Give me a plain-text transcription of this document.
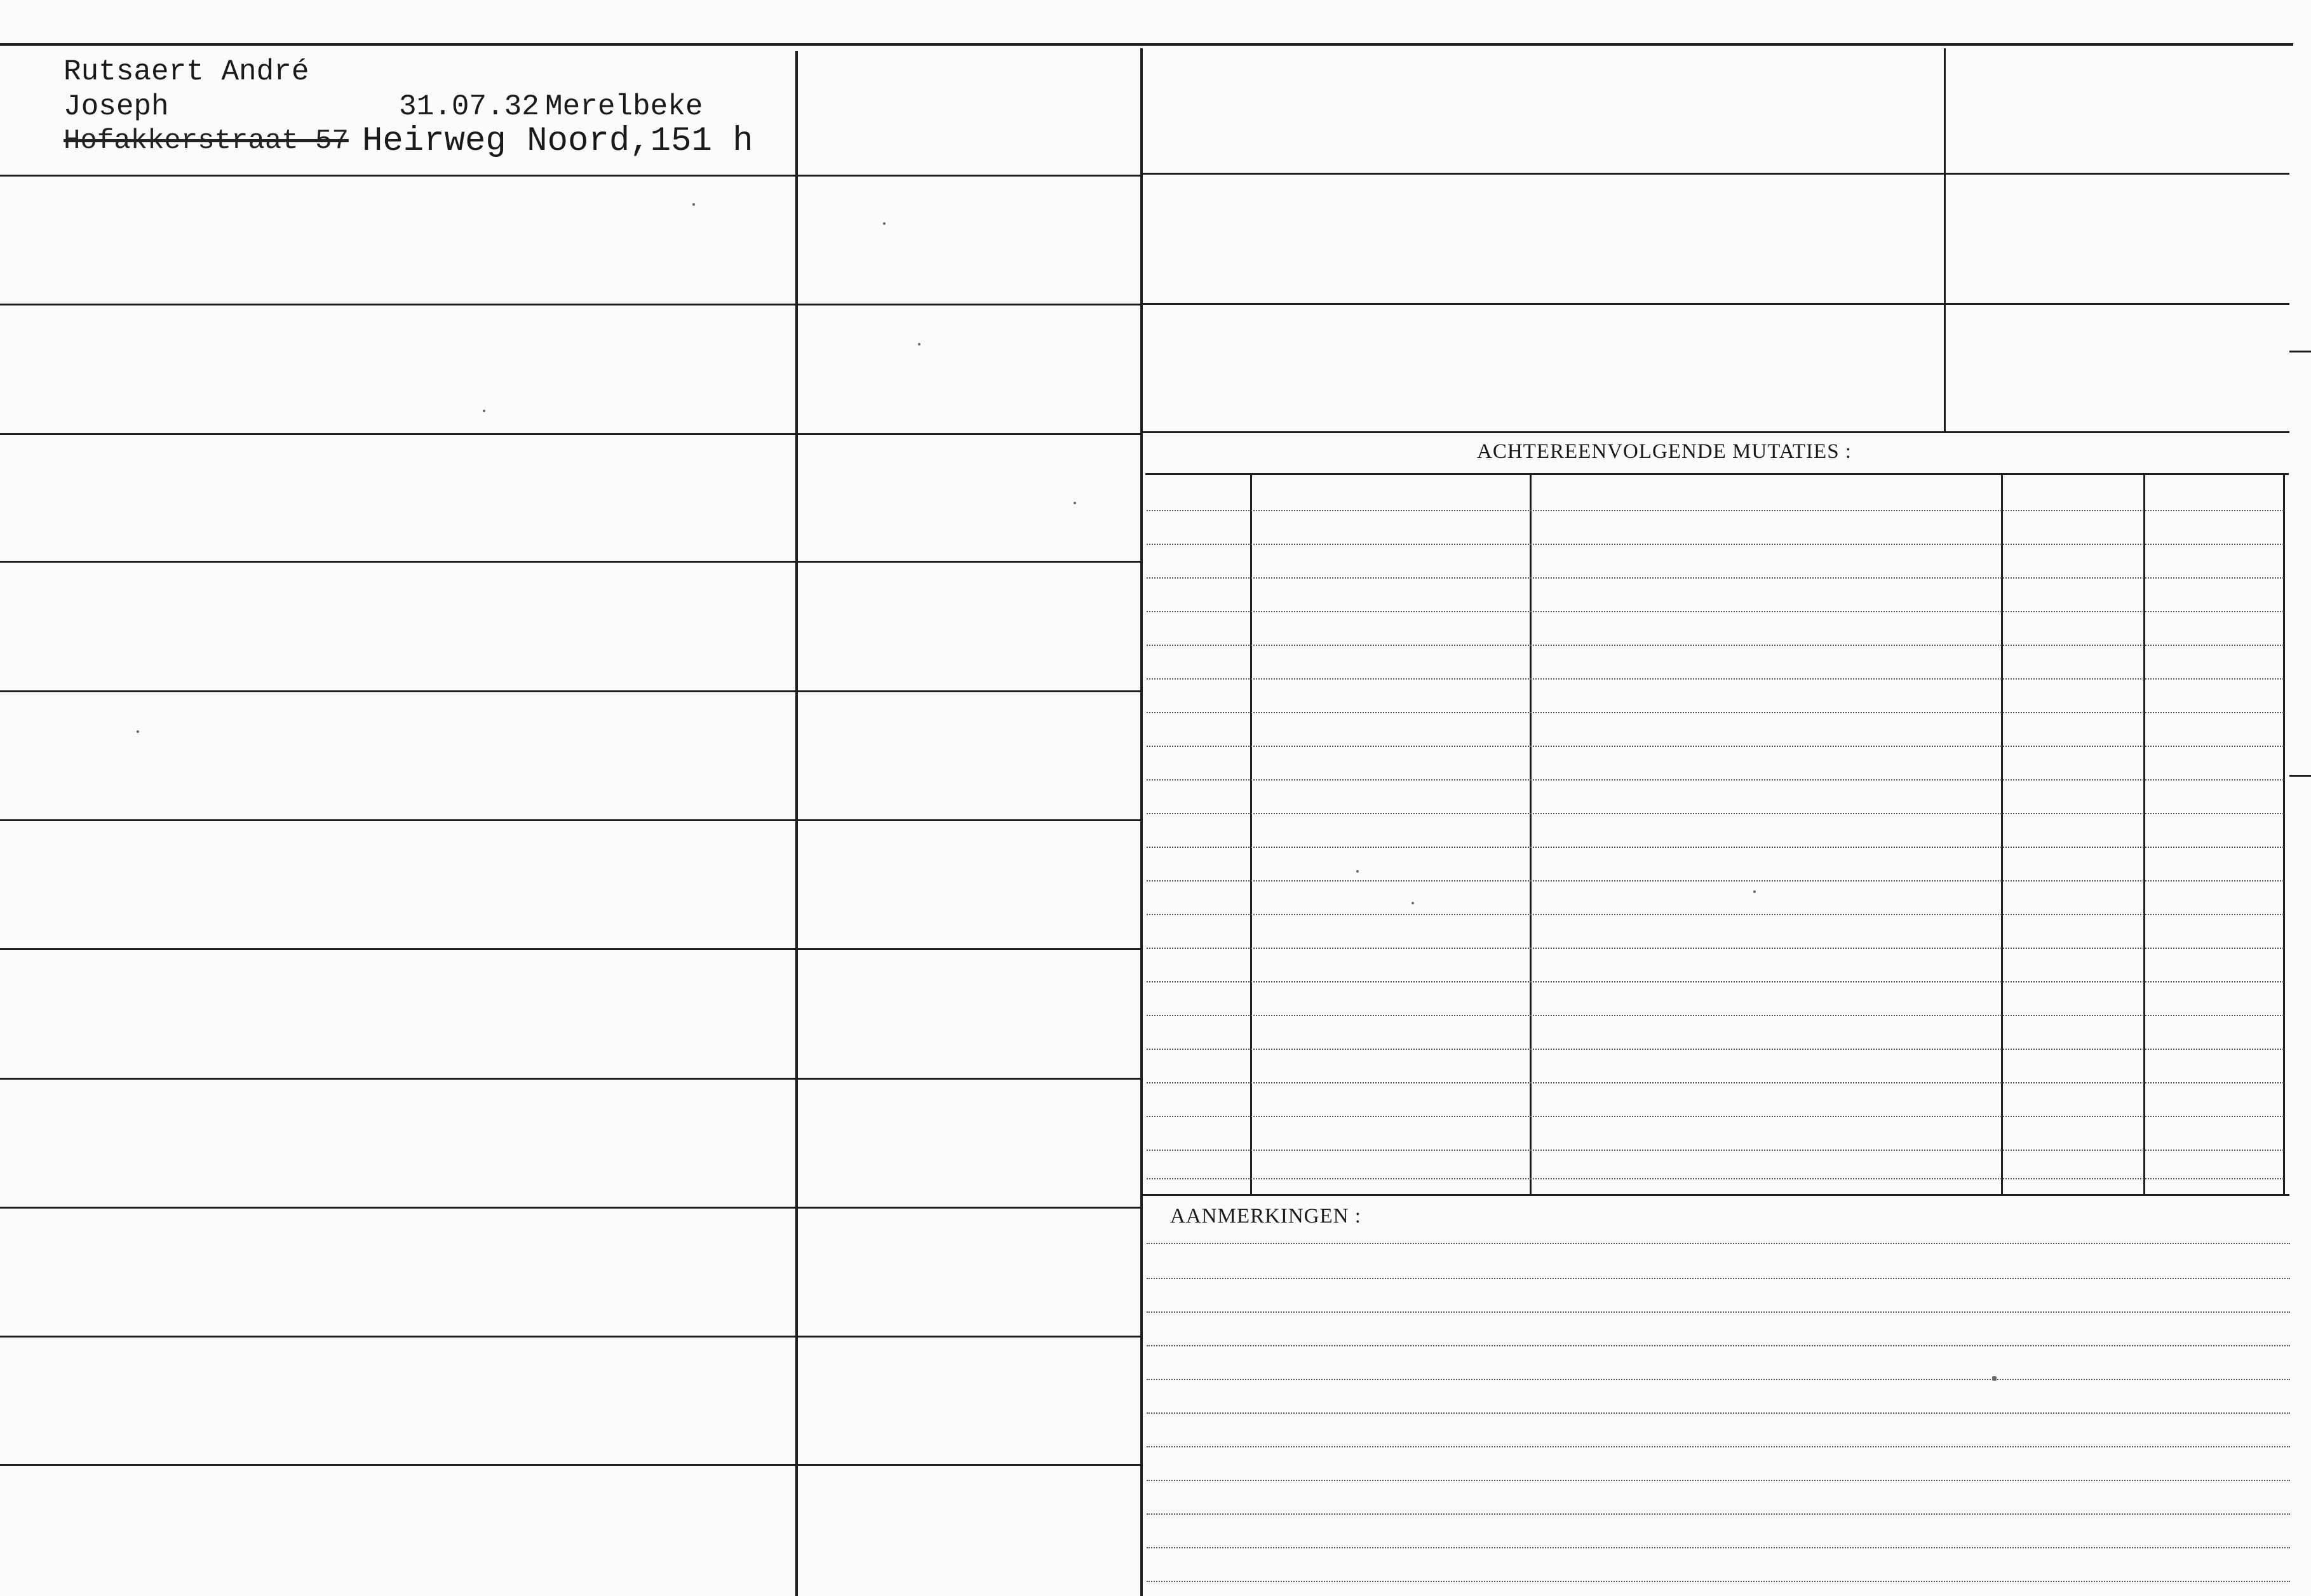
ACHTEREENVOLGENDE MUTATIES :
AANMERKINGEN :
Rutsaert André
Joseph	31.07.32 Merelbeke
Hofakkerstraat 57 Heirweg Noord,151 h
